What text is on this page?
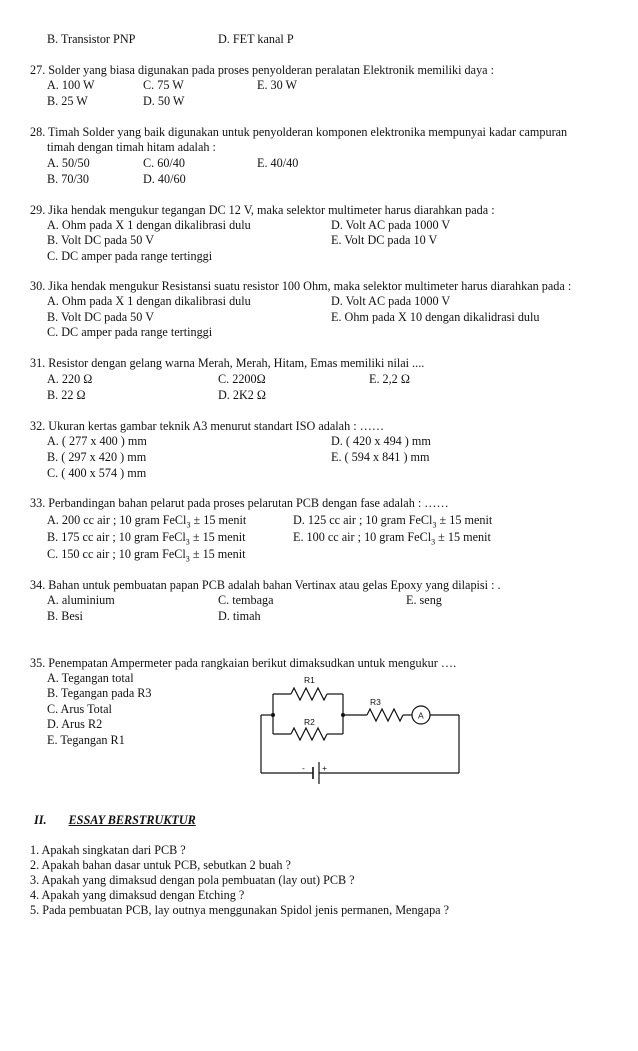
B. Transistor PNP	D. FET kanal P
27. Solder yang biasa digunakan pada proses penyolderan peralatan Elektronik memiliki daya :
A. 100 W	C. 75 W	E. 30 W
B. 25 W	D. 50 W
28. Timah Solder yang baik digunakan untuk penyolderan komponen elektronika mempunyai kadar campuran
timah dengan timah hitam adalah :
A. 50/50	C. 60/40	E. 40/40
B. 70/30	D. 40/60
29. Jika hendak mengukur tegangan DC 12 V, maka selektor multimeter harus diarahkan pada :
A. Ohm pada X 1 dengan dikalibrasi dulu	D. Volt AC pada 1000 V
B. Volt DC pada 50 V	E. Volt DC pada 10 V
C. DC amper pada range tertinggi
30. Jika hendak mengukur Resistansi suatu resistor 100 Ohm, maka selektor multimeter harus diarahkan pada :
A. Ohm pada X 1 dengan dikalibrasi dulu	D. Volt AC pada 1000 V
B. Volt DC pada 50 V	E. Ohm pada X 10 dengan dikalidrasi dulu
C. DC amper pada range tertinggi
31. Resistor dengan gelang warna Merah, Merah, Hitam, Emas memiliki nilai ....
A. 220 Ω	C. 2200Ω	E. 2,2 Ω
B. 22 Ω	D. 2K2 Ω
32. Ukuran kertas gambar teknik A3 menurut standart ISO adalah : ……
A. ( 277 x 400 ) mm	D. ( 420 x 494 ) mm
B. ( 297 x 420 ) mm	E. ( 594 x 841 ) mm
C. ( 400 x 574 ) mm
33. Perbandingan bahan pelarut pada proses pelarutan PCB dengan fase adalah : ……
A. 200 cc air ; 10 gram FeCl$_3$ ± 15 menit	D. 125 cc air ; 10 gram FeCl$_3$ ± 15 menit
B. 175 cc air ; 10 gram FeCl$_3$ ± 15 menit	E. 100 cc air ; 10 gram FeCl$_3$ ± 15 menit
C. 150 cc air ; 10 gram FeCl$_3$ ± 15 menit
34. Bahan untuk pembuatan papan PCB adalah bahan Vertinax atau gelas Epoxy yang dilapisi : .
A. aluminium	C. tembaga	E. seng
B. Besi	D. timah
35. Penempatan Ampermeter pada rangkaian berikut dimaksudkan untuk mengukur ….
A. Tegangan total
B. Tegangan pada R3
C. Arus Total
D. Arus R2
E. Tegangan R1
R1
R2
R3
A
- +
II. ESSAY BERSTRUKTUR
1. Apakah singkatan dari PCB ?
2. Apakah bahan dasar untuk PCB, sebutkan 2 buah ?
3. Apakah yang dimaksud dengan pola pembuatan (lay out) PCB ?
4. Apakah yang dimaksud dengan Etching ?
5. Pada pembuatan PCB, lay outnya menggunakan Spidol jenis permanen, Mengapa ?
